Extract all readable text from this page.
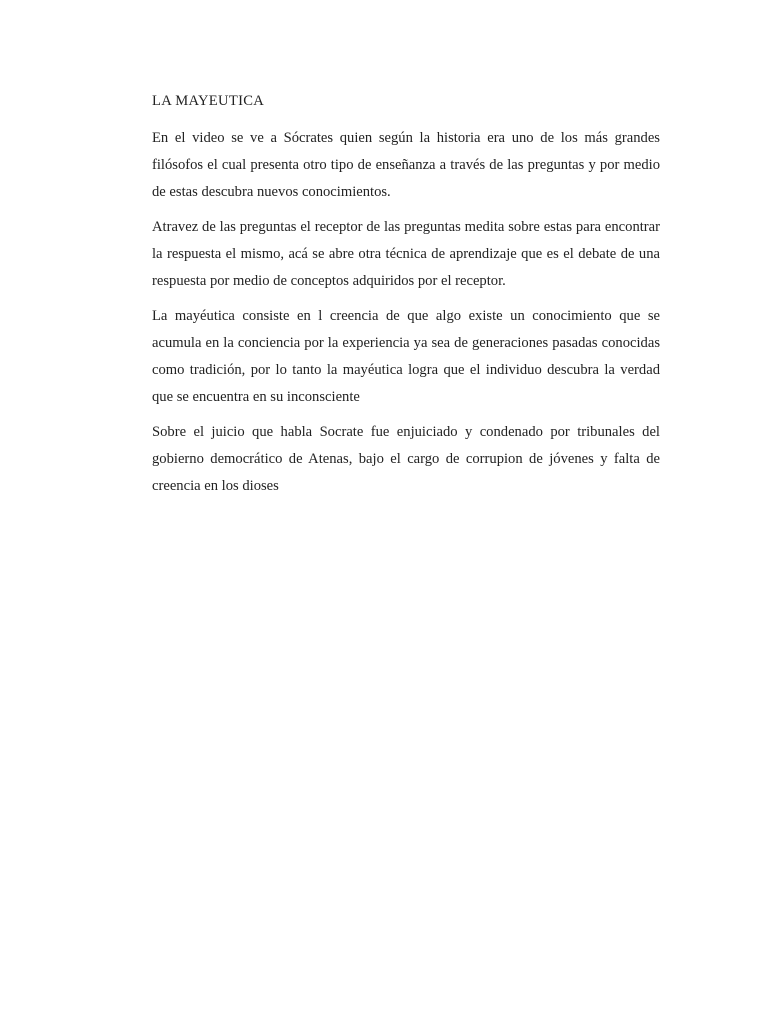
LA MAYEUTICA

En el video se ve a Sócrates quien según la historia era uno de los más grandes filósofos el cual presenta otro tipo de enseñanza a través de las preguntas y por medio de estas descubra nuevos conocimientos.

Atravez de las preguntas el receptor de las preguntas medita sobre estas para encontrar la respuesta el mismo, acá se abre otra técnica de aprendizaje que es el debate de una respuesta por medio de conceptos adquiridos por el receptor.

La mayéutica consiste en l creencia de que algo existe un conocimiento que se acumula en la conciencia por la experiencia ya sea de generaciones pasadas conocidas como tradición, por lo tanto la mayéutica logra que el individuo descubra la verdad que se encuentra en su inconsciente

Sobre el juicio que habla Socrate fue enjuiciado y condenado por tribunales del gobierno democrático de Atenas, bajo el cargo de corrupion de jóvenes y falta de creencia en los dioses
